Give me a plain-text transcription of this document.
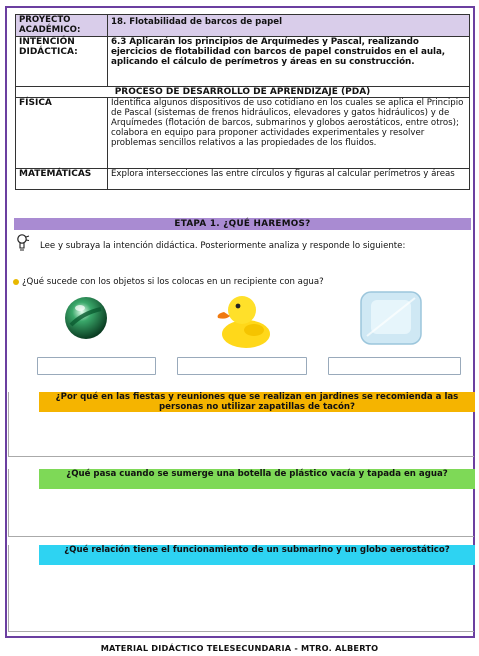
PROYECTO ACADÉMICO:	18. Flotabilidad de barcos de papel
INTENCIÓN DIDÁCTICA:	6.3 Aplicarán los principios de Arquímedes y Pascal, realizando ejercicios de flotabilidad con barcos de papel construidos en el aula, aplicando el cálculo de perímetros y áreas en su construcción.
PROCESO DE DESARROLLO DE APRENDIZAJE (PDA)	
FÍSICA	Identifica algunos dispositivos de uso cotidiano en los cuales se aplica el Principio de Pascal (sistemas de frenos hidráulicos, elevadores y gatos hidráulicos) y de Arquímedes (flotación de barcos, submarinos y globos aerostáticos, entre otros); colabora en equipo para proponer actividades experimentales y resolver problemas sencillos relativos a las propiedades de los fluidos.
MATEMÁTICAS	Explora intersecciones las entre círculos y figuras al calcular perímetros y áreas
ETAPA 1. ¿QUÉ HAREMOS?
Lee y subraya la intención didáctica. Posteriormente analiza y responde lo siguiente:
¿Qué sucede con los objetos si los colocas en un recipiente con agua?
¿Por qué en las fiestas y reuniones que se realizan en jardines se recomienda a las personas no utilizar zapatillas de tacón?
¿Qué pasa cuando se sumerge una botella de plástico vacía y tapada en agua?
¿Qué relación tiene el funcionamiento de un submarino y un globo aerostático?
MATERIAL DIDÁCTICO TELESECUNDARIA - MTRO. ALBERTO
